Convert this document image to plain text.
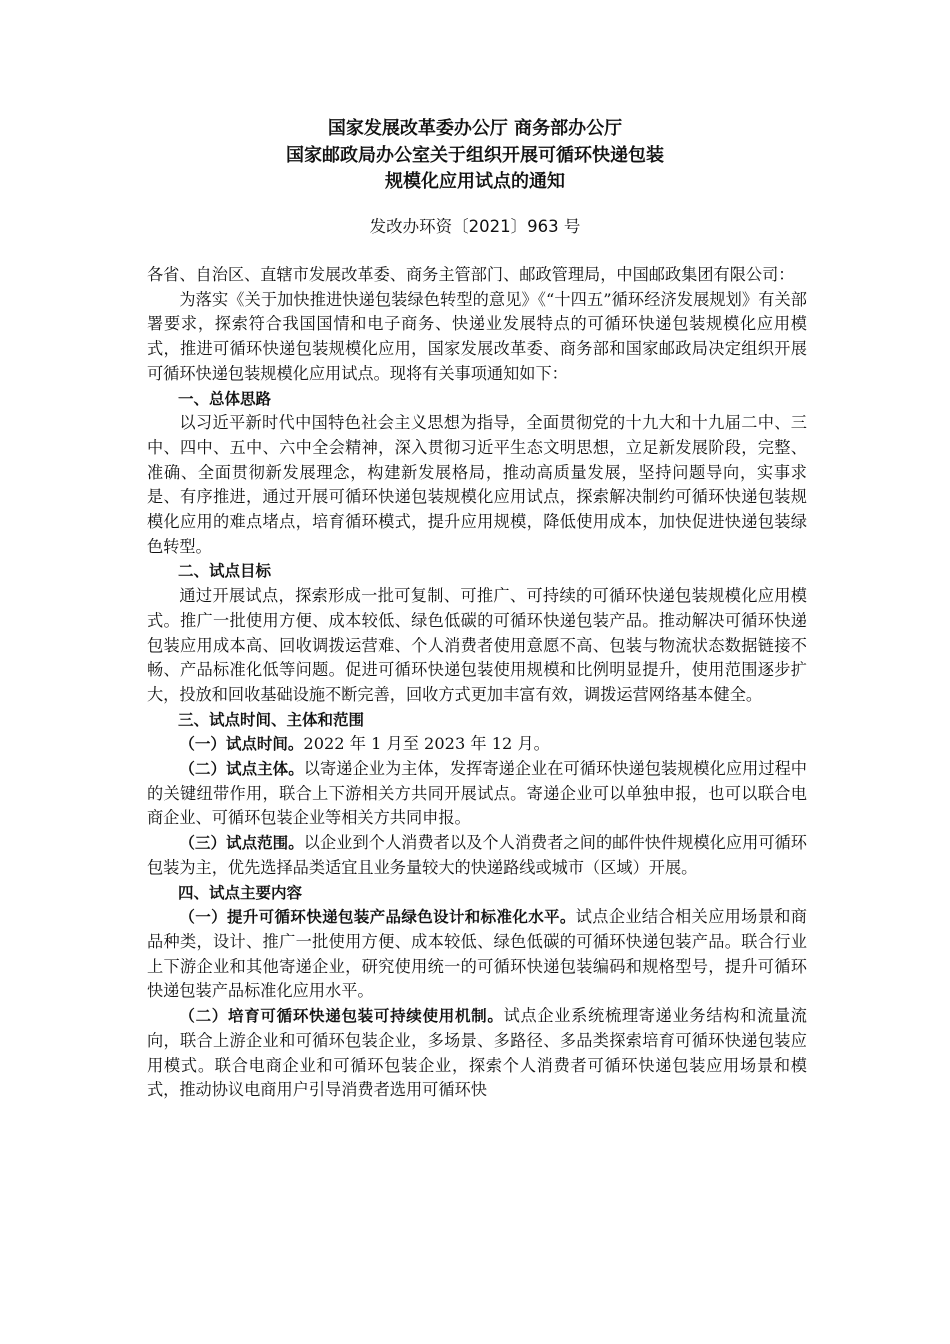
国家发展改革委办公厅 商务部办公厅
国家邮政局办公室关于组织开展可循环快递包装
规模化应用试点的通知
发改办环资〔2021〕963 号

各省、自治区、直辖市发展改革委、商务主管部门、邮政管理局，中国邮政集团有限公司：

为落实《关于加快推进快递包装绿色转型的意见》《“十四五”循环经济发展规划》有关部署要求，探索符合我国国情和电子商务、快递业发展特点的可循环快递包装规模化应用模式，推进可循环快递包装规模化应用，国家发展改革委、商务部和国家邮政局决定组织开展可循环快递包装规模化应用试点。现将有关事项通知如下：

一、总体思路

以习近平新时代中国特色社会主义思想为指导，全面贯彻党的十九大和十九届二中、三中、四中、五中、六中全会精神，深入贯彻习近平生态文明思想，立足新发展阶段，完整、准确、全面贯彻新发展理念，构建新发展格局，推动高质量发展，坚持问题导向，实事求是、有序推进，通过开展可循环快递包装规模化应用试点，探索解决制约可循环快递包装规模化应用的难点堵点，培育循环模式，提升应用规模，降低使用成本，加快促进快递包装绿色转型。

二、试点目标

通过开展试点，探索形成一批可复制、可推广、可持续的可循环快递包装规模化应用模式。推广一批使用方便、成本较低、绿色低碳的可循环快递包装产品。推动解决可循环快递包装应用成本高、回收调拨运营难、个人消费者使用意愿不高、包装与物流状态数据链接不畅、产品标准化低等问题。促进可循环快递包装使用规模和比例明显提升，使用范围逐步扩大，投放和回收基础设施不断完善，回收方式更加丰富有效，调拨运营网络基本健全。

三、试点时间、主体和范围

（一）试点时间。2022 年 1 月至 2023 年 12 月。

（二）试点主体。以寄递企业为主体，发挥寄递企业在可循环快递包装规模化应用过程中的关键纽带作用，联合上下游相关方共同开展试点。寄递企业可以单独申报，也可以联合电商企业、可循环包装企业等相关方共同申报。

（三）试点范围。以企业到个人消费者以及个人消费者之间的邮件快件规模化应用可循环包装为主，优先选择品类适宜且业务量较大的快递路线或城市（区域）开展。

四、试点主要内容

（一）提升可循环快递包装产品绿色设计和标准化水平。试点企业结合相关应用场景和商品种类，设计、推广一批使用方便、成本较低、绿色低碳的可循环快递包装产品。联合行业上下游企业和其他寄递企业，研究使用统一的可循环快递包装编码和规格型号，提升可循环快递包装产品标准化应用水平。

（二）培育可循环快递包装可持续使用机制。试点企业系统梳理寄递业务结构和流量流向，联合上游企业和可循环包装企业，多场景、多路径、多品类探索培育可循环快递包装应用模式。联合电商企业和可循环包装企业，探索个人消费者可循环快递包装应用场景和模式，推动协议电商用户引导消费者选用可循环快
